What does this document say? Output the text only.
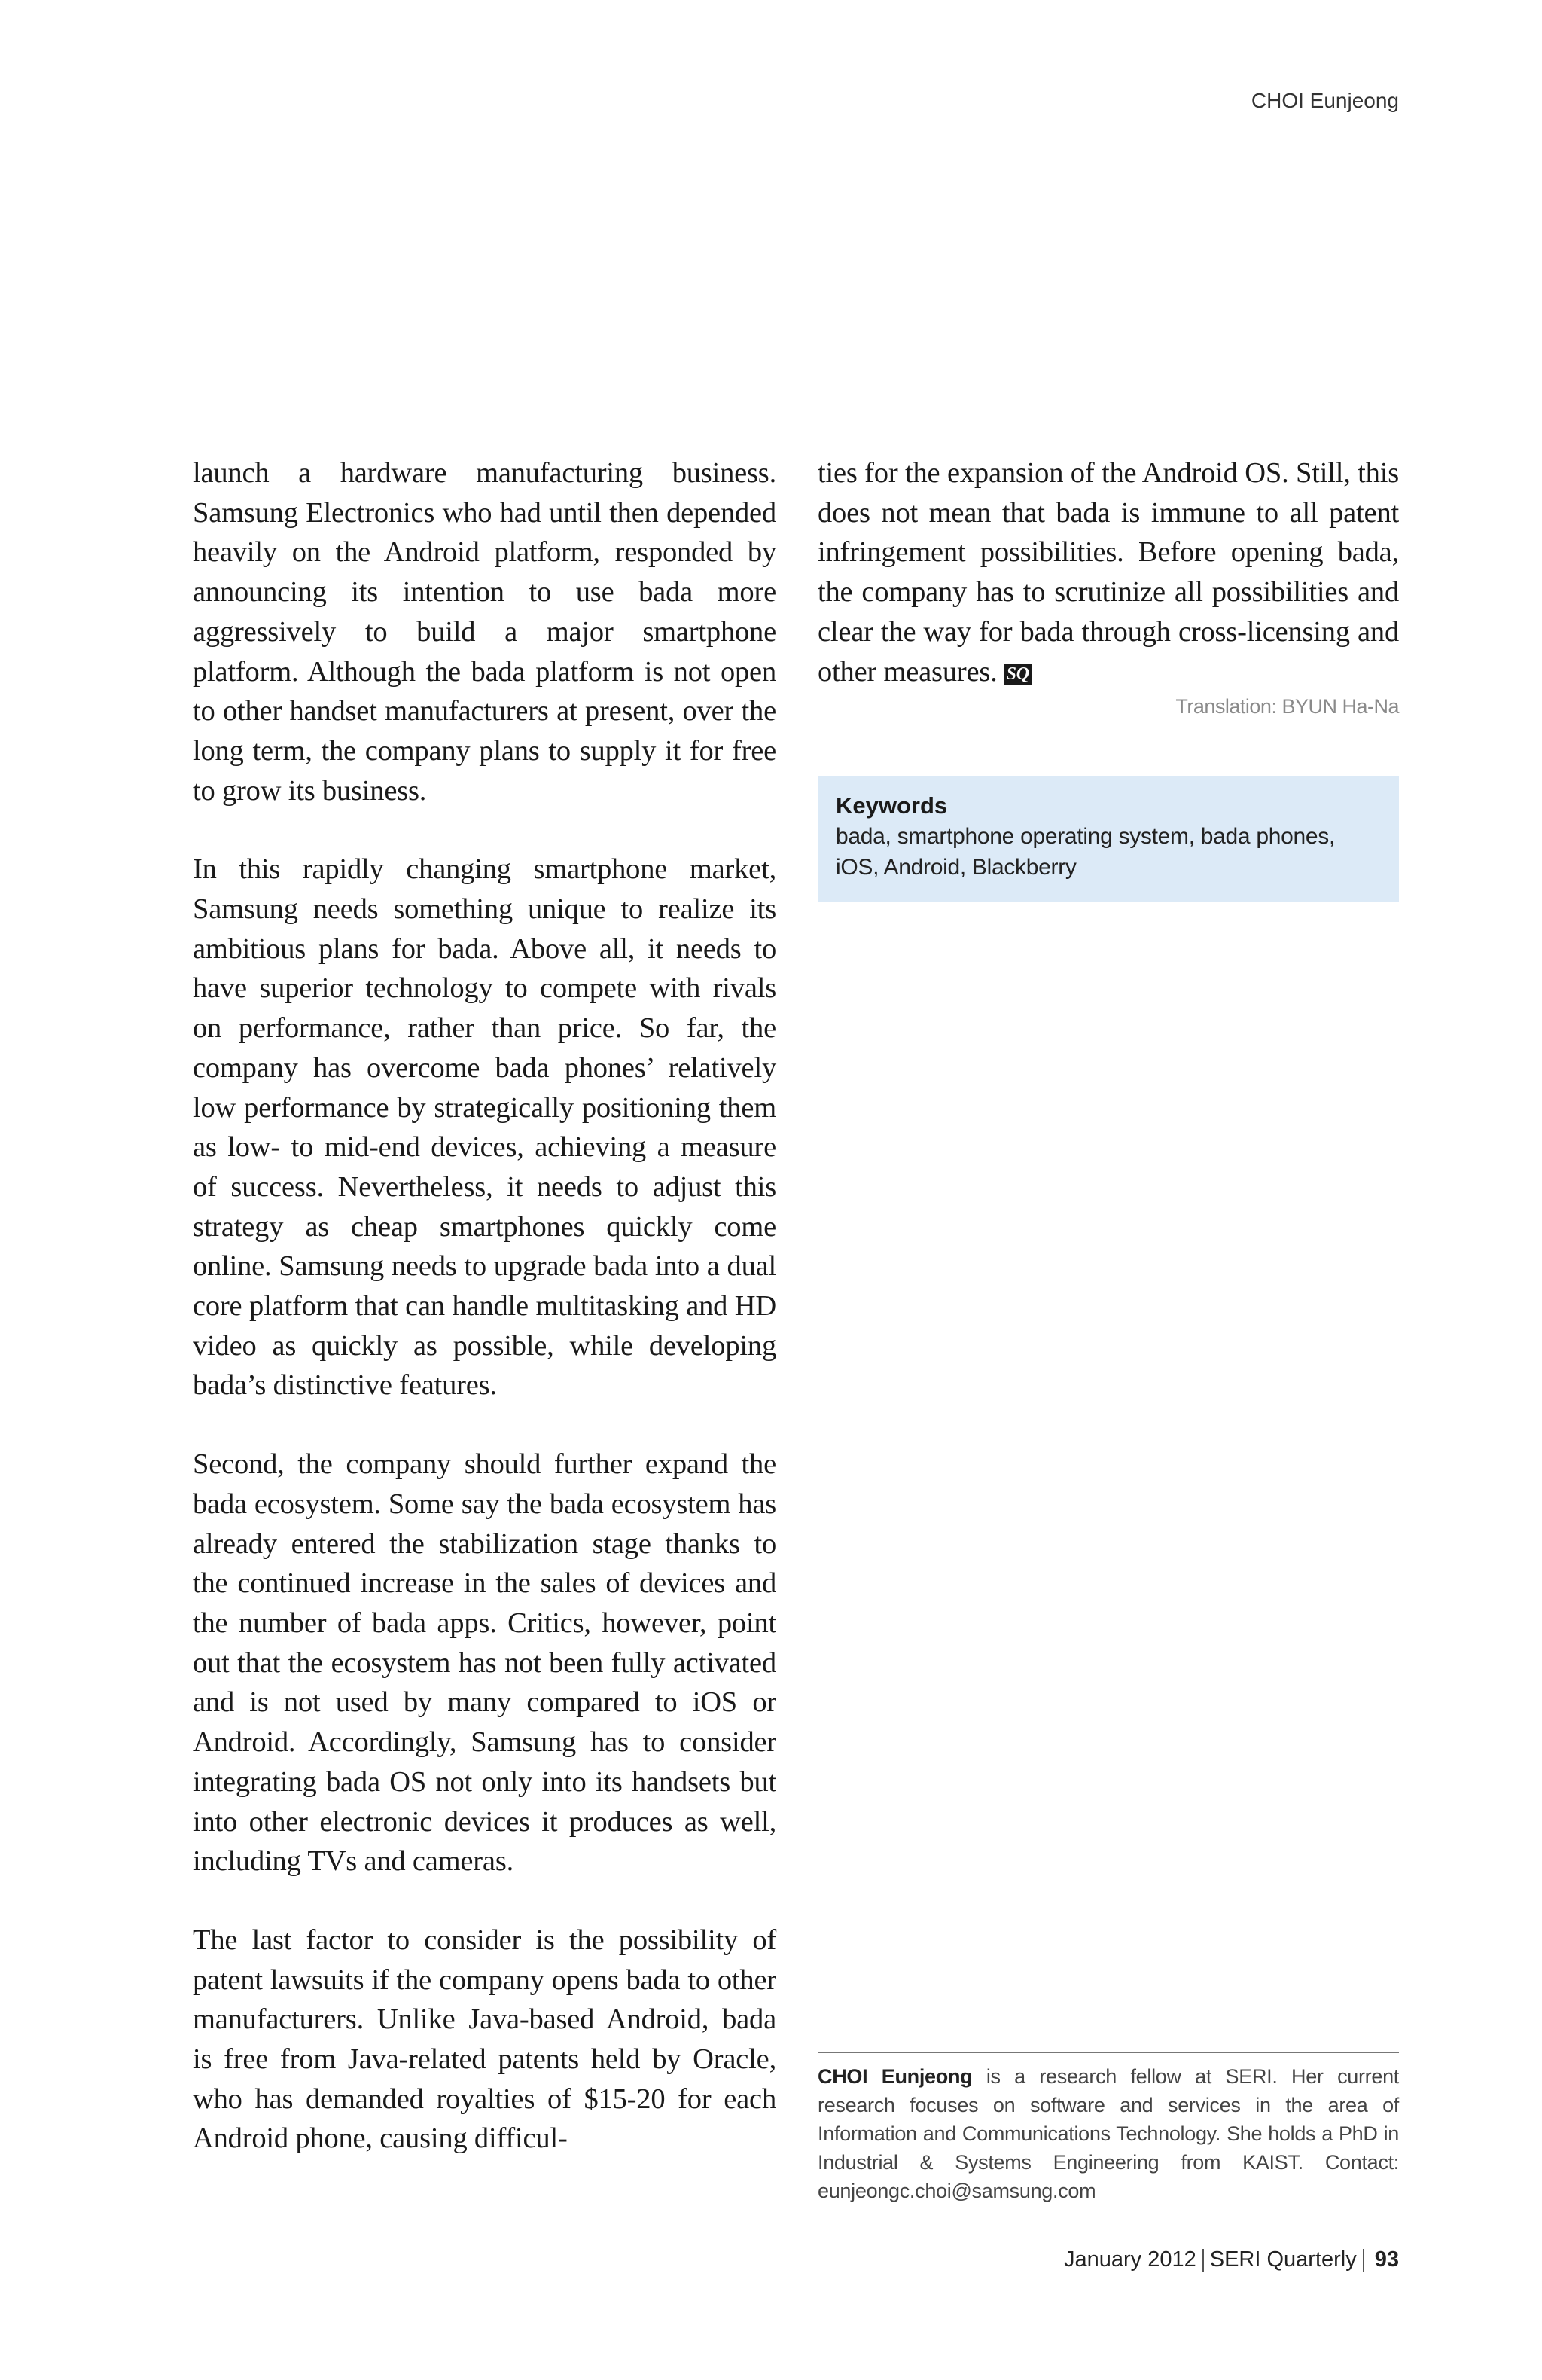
CHOI Eunjeong

launch a hardware manufacturing business. Samsung Electronics who had until then depended heavily on the Android platform, responded by announcing its intention to use bada more aggressively to build a major smartphone platform. Although the bada platform is not open to other handset manufacturers at present, over the long term, the company plans to supply it for free to grow its business.

In this rapidly changing smartphone market, Samsung needs something unique to realize its ambitious plans for bada. Above all, it needs to have superior technology to compete with rivals on performance, rather than price. So far, the company has overcome bada phones’ relatively low performance by strategically positioning them as low- to mid-end devices, achieving a measure of success. Nevertheless, it needs to adjust this strategy as cheap smartphones quickly come online. Samsung needs to upgrade bada into a dual core platform that can handle multitasking and HD video as quickly as possible, while developing bada’s distinctive features.

Second, the company should further expand the bada ecosystem. Some say the bada ecosystem has already entered the stabilization stage thanks to the continued increase in the sales of devices and the number of bada apps. Critics, however, point out that the ecosystem has not been fully activated and is not used by many compared to iOS or Android. Accordingly, Samsung has to consider integrating bada OS not only into its handsets but into other electronic devices it produces as well, including TVs and cameras.

The last factor to consider is the possibility of patent lawsuits if the company opens bada to other manufacturers. Unlike Java-based Android, bada is free from Java-related patents held by Oracle, who has demanded royalties of $15-20 for each Android phone, causing difficul-

ties for the expansion of the Android OS. Still, this does not mean that bada is immune to all patent infringement possibilities. Before opening bada, the company has to scrutinize all possibilities and clear the way for bada through cross-licensing and other measures. SQ

Translation: BYUN Ha-Na
Keywords
bada, smartphone operating system, bada phones, iOS, Android, Blackberry
CHOI Eunjeong is a research fellow at SERI. Her current research focuses on software and services in the area of Information and Communications Technology. She holds a PhD in Industrial & Systems Engineering from KAIST. Contact: eunjeongc.choi@samsung.com
January 2012 SERI Quarterly 93
